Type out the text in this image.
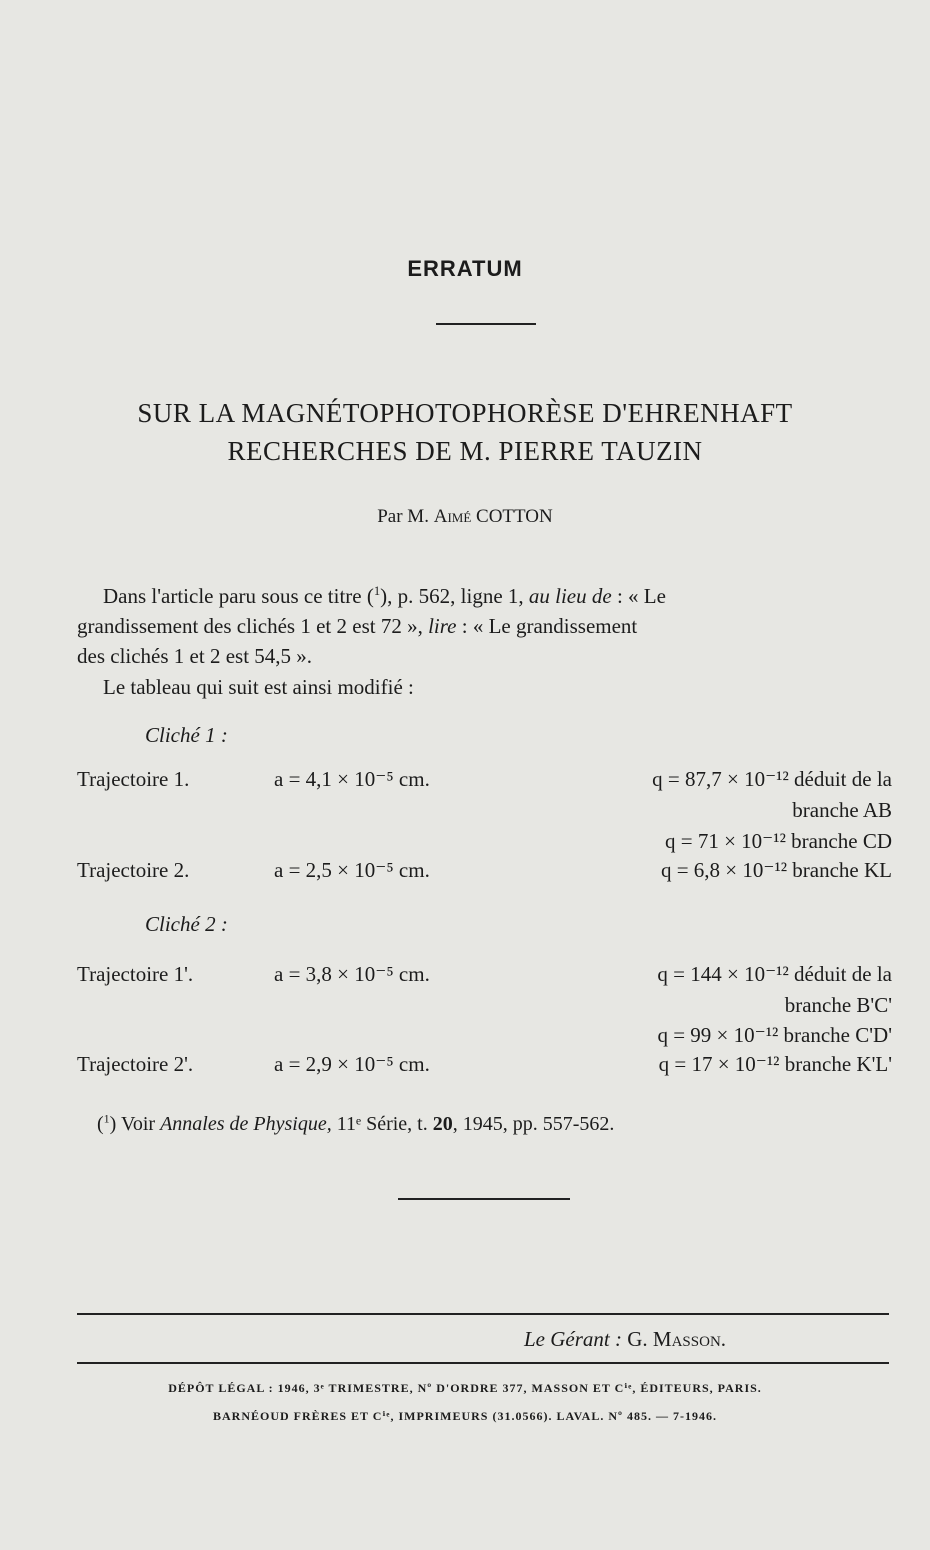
ERRATUM
SUR LA MAGNÉTOPHOTOPHORÈSE D'EHRENHAFT
RECHERCHES DE M. PIERRE TAUZIN
Par M. Aimé COTTON
Dans l'article paru sous ce titre ($^1$), p. 562, ligne 1, au lieu de : « Le
grandissement des clichés 1 et 2 est 72 », lire : « Le grandissement
des clichés 1 et 2 est 54,5 ».
Le tableau qui suit est ainsi modifié :
Cliché 1 :
Trajectoire 1.	a = 4,1 × 10⁻⁵ cm.	q = 87,7 × 10⁻¹² déduit de la
branche AB
q = 71 × 10⁻¹² branche CD
Trajectoire 2.	a = 2,5 × 10⁻⁵ cm.	q = 6,8 × 10⁻¹² branche KL
Cliché 2 :
Trajectoire 1'.	a = 3,8 × 10⁻⁵ cm.	q = 144 × 10⁻¹² déduit de la
branche B'C'
q = 99 × 10⁻¹² branche C'D'
Trajectoire 2'.	a = 2,9 × 10⁻⁵ cm.	q = 17 × 10⁻¹² branche K'L'
($^1$) Voir Annales de Physique, 11ᵉ Série, t. 20, 1945, pp. 557-562.
Le Gérant : G. Masson.
DÉPÔT LÉGAL : 1946, 3ᵉ TRIMESTRE, Nº D'ORDRE 377, MASSON ET Cⁱᵉ, ÉDITEURS, PARIS.
BARNÉOUD FRÈRES ET Cⁱᵉ, IMPRIMEURS (31.0566). LAVAL. Nº 485. — 7-1946.
